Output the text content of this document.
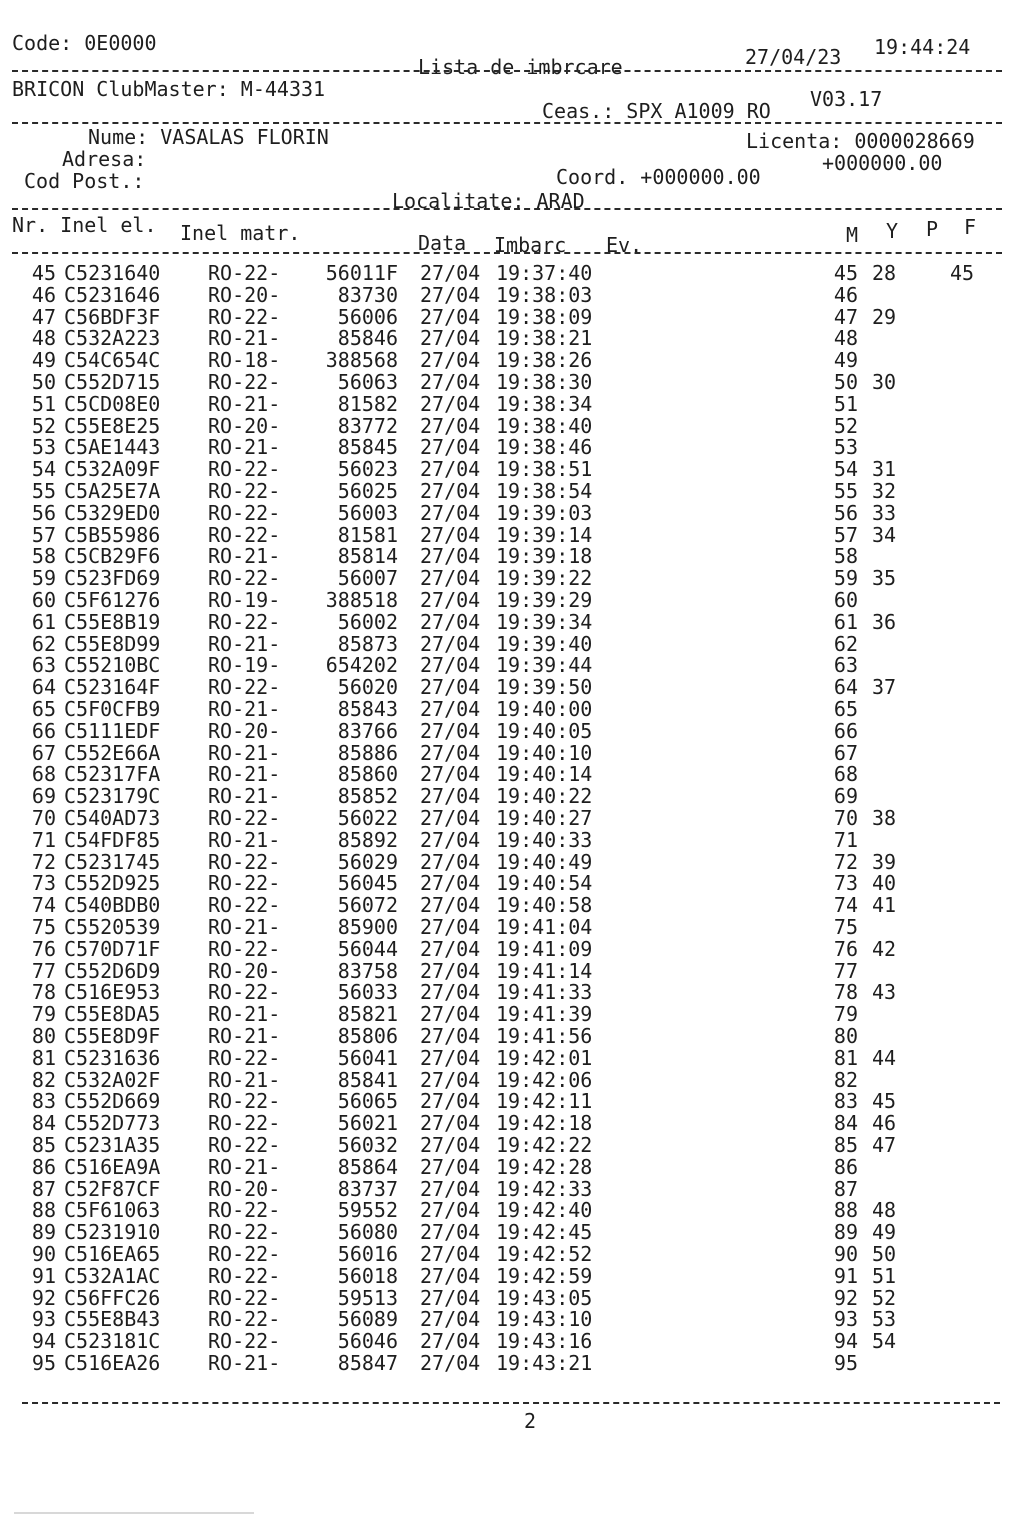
Code: 0E0000
Lista de imbrcare	27/04/23 19:44:24
BRICON ClubMaster: M-44331
Ceas.: SPX A1009 RO V03.17
Nume: VASALAS FLORIN	Licenta: 0000028669
Adresa:
Cod Post.:	Coord. +000000.00
+000000.00
Localitate: ARAD
Nr. Inel el. Inel matr.	Data Imbarc Ev.	M Y P F
45 C5231640 RO-22-	56011F 27/04 19:37:40	45 28	45
46 C5231646 RO-20-	83730 27/04 19:38:03	46
47 C56BDF3F RO-22-	56006 27/04 19:38:09	47 29
48 C532A223 RO-21-	85846 27/04 19:38:21	48
49 C54C654C RO-18-	388568 27/04 19:38:26	49
50 C552D715 RO-22-	56063 27/04 19:38:30	50 30
51 C5CD08E0 RO-21-	81582 27/04 19:38:34	51
52 C55E8E25 RO-20-	83772 27/04 19:38:40	52
53 C5AE1443 RO-21-	85845 27/04 19:38:46	53
54 C532A09F RO-22-	56023 27/04 19:38:51	54 31
55 C5A25E7A RO-22-	56025 27/04 19:38:54	55 32
56 C5329ED0 RO-22-	56003 27/04 19:39:03	56 33
57 C5B55986 RO-22-	81581 27/04 19:39:14	57 34
58 C5CB29F6 RO-21-	85814 27/04 19:39:18	58
59 C523FD69 RO-22-	56007 27/04 19:39:22	59 35
60 C5F61276 RO-19-	388518 27/04 19:39:29	60
61 C55E8B19 RO-22-	56002 27/04 19:39:34	61 36
62 C55E8D99 RO-21-	85873 27/04 19:39:40	62
63 C55210BC RO-19-	654202 27/04 19:39:44	63
64 C523164F RO-22-	56020 27/04 19:39:50	64 37
65 C5F0CFB9 RO-21-	85843 27/04 19:40:00	65
66 C5111EDF RO-20-	83766 27/04 19:40:05	66
67 C552E66A RO-21-	85886 27/04 19:40:10	67
68 C52317FA RO-21-	85860 27/04 19:40:14	68
69 C523179C RO-21-	85852 27/04 19:40:22	69
70 C540AD73 RO-22-	56022 27/04 19:40:27	70 38
71 C54FDF85 RO-21-	85892 27/04 19:40:33	71
72 C5231745 RO-22-	56029 27/04 19:40:49	72 39
73 C552D925 RO-22-	56045 27/04 19:40:54	73 40
74 C540BDB0 RO-22-	56072 27/04 19:40:58	74 41
75 C5520539 RO-21-	85900 27/04 19:41:04	75
76 C570D71F RO-22-	56044 27/04 19:41:09	76 42
77 C552D6D9 RO-20-	83758 27/04 19:41:14	77
78 C516E953 RO-22-	56033 27/04 19:41:33	78 43
79 C55E8DA5 RO-21-	85821 27/04 19:41:39	79
80 C55E8D9F RO-21-	85806 27/04 19:41:56	80
81 C5231636 RO-22-	56041 27/04 19:42:01	81 44
82 C532A02F RO-21-	85841 27/04 19:42:06	82
83 C552D669 RO-22-	56065 27/04 19:42:11	83 45
84 C552D773 RO-22-	56021 27/04 19:42:18	84 46
85 C5231A35 RO-22-	56032 27/04 19:42:22	85 47
86 C516EA9A RO-21-	85864 27/04 19:42:28	86
87 C52F87CF RO-20-	83737 27/04 19:42:33	87
88 C5F61063 RO-22-	59552 27/04 19:42:40	88 48
89 C5231910 RO-22-	56080 27/04 19:42:45	89 49
90 C516EA65 RO-22-	56016 27/04 19:42:52	90 50
91 C532A1AC RO-22-	56018 27/04 19:42:59	91 51
92 C56FFC26 RO-22-	59513 27/04 19:43:05	92 52
93 C55E8B43 RO-22-	56089 27/04 19:43:10	93 53
94 C523181C RO-22-	56046 27/04 19:43:16	94 54
95 C516EA26 RO-21-	85847 27/04 19:43:21	95
2
